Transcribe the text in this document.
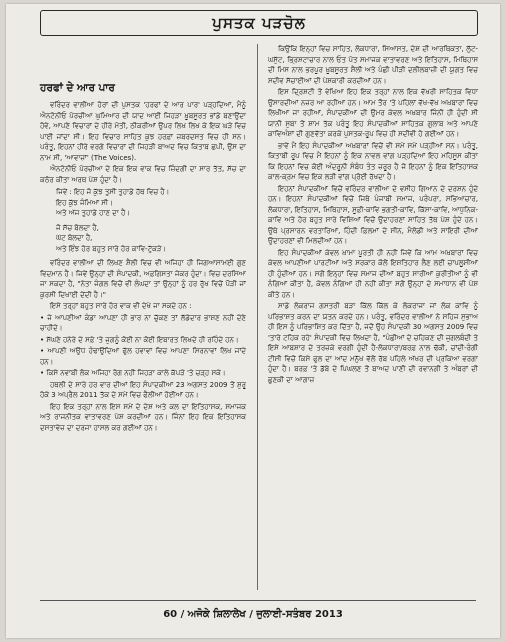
ਪੁਸਤਕ ਪੜਚੋਲ
ਹਰਫਾਂ ਦੇ ਆਰ ਪਾਰ

ਵਰਿੰਦਰ ਵਾਲੀਆ ਹੋਰਾਂ ਦੀ ਪੁਸਤਕ 'ਹਰਫਾਂ ਦੇ ਆਰ ਪਾਰ' ਪੜ੍ਹਦਿਆਂ, ਮੈਨੂੰ ਐਨਟੋਨੀਓ ਪੋਰਚੀਆ ਘੁਮਿਆਰ ਦੀ ਯਾਦ ਆਈ ਜਿਹੜਾ ਖ਼ੂਬਸੂਰਤ ਭਾਂਡੇ ਬਣਾਉਂਦਾ ਹੋਵੇ, ਆਪਣੇ ਵਿਚਾਰਾਂ ਦੇ ਹੀਰੇ ਮੋਤੀ, ਠੀਕਰੀਆਂ ਉਪਰ ਲਿਖ ਲਿਖ ਕੇ ਇਕ ਘੜੇ ਵਿਚ ਪਾਈ ਜਾਂਦਾ ਸੀ। ਇਹ ਵਿਚਾਰ ਸਾਹਿਤ ਕੁਝ ਹਰਫ਼ਾਂ ਜ਼ਬਰਦਸਤ ਵਿਚ ਹੀ ਸਨ। ਪਰੰਤੂ, ਇਹਨਾਂ ਹੀਰੇ ਵਰਗੇ ਵਿਚਾਰਾਂ ਦੀ ਜਿਹੜੀ ਬਾਅਦ ਵਿਚ ਕਿਤਾਬ ਛਪੀ, ਉਸ ਦਾ ਨਾਮ ਸੀ, 'ਆਵਾਜ਼ਾਂ' (The Voices).

ਐਨਟੋਨੀਓ ਪੋਰਚੀਆ ਦੇ ਇਕ ਇਕ ਵਾਕ ਵਿਚ ਜ਼ਿੰਦਗੀ ਦਾ ਸਾਰ ਤੱਤ, ਸੱਚ ਦਾ ਕਠੋਰ ਕੀਤਾ ਅਰਥ ਪੇਸ਼ ਹੁੰਦਾ ਹੈ।

ਜਿਵੇਂ : ਇਹ ਜੋ ਕੁੱਝ ਤੁਸੀਂ ਤੁਹਾਡੇ ਹੱਥ ਵਿਚ ਹੈ।
ਇਹ ਕੁੱਝ ਜੰਮਿਆਂ ਸੀ।
ਅਤੇ ਅੱਜ ਤੁਹਾਡੇ ਹਾਣ ਦਾ ਹੈ।
ਜੋ ਸੱਚ ਬੋਲਦਾ ਹੈ,
ਘੱਟ ਬੋਲਦਾ ਹੈ,
ਅਤੇ ਇੰਝ ਹੋਰ ਬਹੁਤ ਸਾਰੇ ਹੋਰ ਕਾਵਿ-ਟੁੱਕੜੇ।

ਵਰਿੰਦਰ ਵਾਲੀਆ ਦੀ ਲਿਖਣ ਸ਼ੈਲੀ ਵਿਚ ਵੀ ਅਜਿਹਾ ਹੀ ਜਿਗਆਸਾਮਈ ਗੁਣ ਵਿਦਮਾਨ ਹੈ। ਜਿਵੇਂ ਉਨ੍ਹਾਂ ਦੀ ਸੰਪਾਦਕੀ, ਅਫ਼ਗਿਸਤਾ ਜੇਕਰ ਹੁੰਦਾ। ਵਿਚ ਦਰਸਿਆ ਜਾ ਸਕਦਾ ਹੈ, "ਨੇਤਾ ਜੰਗਲ ਵਿਚੋਂ ਵੀ ਲੰਘਦਾ ਤਾਂ ਉਨ੍ਹਾਂ ਨੂੰ ਹਰ ਰੁੱਖ ਵਿਚੋਂ ਪੌੜੀ ਜਾਂ ਕੁਰਸੀ ਦਿਖਾਈ ਦੇਂਦੀ ਹੈ।"

ਇਸੇ ਤਰ੍ਹਾਂ ਬਹੁਤ ਸਾਰੇ ਹੋਰ ਵਾਕ ਵੀ ਦੇਖੇ ਜਾ ਸਕਦੇ ਹਨ :

• ਜੇ ਆਪਣੀਆਂ ਕੰਡਾ ਆਪਣਾ ਹੀ ਭਾਰ ਨਾ ਚੁੱਕਣ ਤਾਂ ਲੱਡੇਦਾਰ ਭਾਸ਼ਣ ਨਹੀਂ ਦੇਣੇ ਚਾਹੀਦੇ।
• ਸੱਘਣੇ ਹਨੇਰੇ ਦੇ ਸਫ਼ੇ 'ਤੇ ਜੁਗਨੂੰ ਕੋਈ ਨਾ ਕੋਈ ਇਬਾਰਤ ਲਿਖਦੇ ਹੀ ਰਹਿੰਦੇ ਹਨ।
• ਆਪਣੀ ਅਉਧ ਹੰਢਾਉਂਦਿਆਂ ਫੁੱਲ ਹਵਾਵਾਂ ਵਿਚ ਆਪਣਾ ਸਿਰਨਾਵਾਂ ਲਿਖ ਜਾਂਦੇ ਹਨ।
• ਕਿਸੇ ਨਵਾਬੀ ਲੋਕ ਅਜਿਹਾ ਰੋਗ ਨਹੀਂ ਜਿਹੜਾ ਕਾਲੇ ਕੱਪੜੇ 'ਤੇ ਚੜ੍ਹ ਸਕੇ।

ਹਥਲੀ ਦੇ ਸਾਰੇ ਹਰ ਵਾਰ ਦੀਆਂ ਇਹ ਸੰਪਾਦਕੀਆਂ 23 ਅਗਸਤ 2009 ਤੋਂ ਸ਼ੁਰੂ ਹੋਕੇ 3 ਅਪ੍ਰੈਲ 2011 ਤੱਕ ਦੇ ਸਮੇਂ ਵਿਚ ਫੈਲੀਆਂ ਹੋਈਆਂ ਹਨ।

ਇਹ ਇਕ ਤਰ੍ਹਾਂ ਨਾਲ ਇਸ ਸਮੇਂ ਦੇ ਦੇਸ਼ ਅਤੇ ਕਲ ਦਾ ਇਤਿਹਾਸਕ, ਸਮਾਜਕ ਅਤੇ ਰਾਜਨੀਤਕ ਵਾਤਾਵਰਣ ਪੇਸ਼ ਕਰਦੀਆਂ ਹਨ। ਜਿੰਨਾਂ ਇਹ ਇਕ ਇਤਿਹਾਸਕ ਦਸਤਾਵੇਜ਼ ਦਾ ਦਰਜਾ ਹਾਸਲ ਕਰ ਗਈਆਂ ਹਨ।

ਕਿਉਂਕਿ ਇਨ੍ਹਾਂ ਵਿਚ ਸਾਹਿਤ, ਲੋਕਧਾਰਾ, ਸਿਆਸਤ, ਦੇਸ਼ ਦੀ ਆਰਥਿਕਤਾ, ਲੁੱਟ-ਘਸੁੱਟ, ਭ੍ਰਿਸ਼ਟਾਚਾਰ ਨਾਲ ਓਤ ਪੋਤ ਸਮਾਜਕ ਵਾਤਾਵਰਣ ਅਤੇ ਇਤਿਹਾਸ, ਮਿਥਿਹਾਸ ਦੀ ਮਿਸ ਨਾਲ ਭਰਪੂਰ ਖ਼ੂਬਸੂਰਤ ਸ਼ੈਲੀ ਅਤੇ ਪੰਛੀ ਪੀੜੀ ਦਲੀਲਬਾਜ਼ੀ ਦੀ ਯੁਗਤ ਵਿਚ ਸਦੀਵ ਸੱਚਾਈਆਂ ਦੀ ਪੇਸ਼ਕਾਰੀ ਕਰਦੀਆਂ ਹਨ।

ਇਸ ਦ੍ਰਿਸ਼ਟੀ ਤੋਂ ਵੇਖਿਆ ਇਹ ਇਕ ਤਰ੍ਹਾਂ ਨਾਲ ਇਕ ਵੱਖਰੀ ਸਾਹਿਤਕ ਵਿਧਾ ਉਸਾਰਦੀਆਂ ਨਜ਼ਰ ਆ ਰਹੀਆਂ ਹਨ। ਆਮ ਤੌਰ 'ਤੇ ਪਹਿਲਾਂ ਵੱਖ-ਵੱਖ ਅਖ਼ਬਾਰਾਂ ਵਿਚ ਲਿਖੀਆਂ ਜਾ ਰਹੀਆਂ, ਸੰਪਾਦਕੀਆਂ ਦੀ ਉਮਰ ਕੇਵਲ ਅਖ਼ਬਾਰ ਜਿੰਨੀ ਹੀ ਹੁੰਦੀ ਸੀ ਯਾਨੀ ਸੁਬਾ ਤੋਂ ਸ਼ਾਮ ਤੱਕ ਪਰੰਤੂ ਇਹ ਸੰਪਾਦਕੀਆਂ ਸਾਹਿਤਕ ਗੁਲਾਬ ਅਤੇ ਆਪਣੇ ਕਾਵਿਅੰਸ਼ਾਂ ਦੀ ਗੁਣਵੱਤਾ ਕਰਕੇ ਪੁਸਤਕ-ਰੂਪ ਵਿਚ ਹੀ ਸਦੀਵੀ ਹੋ ਗਈਆਂ ਹਨ।

ਭਾਵੇਂ ਮੈਂ ਇਹ ਸੰਪਾਦਕੀਆਂ ਅਖ਼ਬਾਰਾਂ ਵਿਚੋਂ ਵੀ ਸਮੇਂ ਸਮੇਂ ਪੜ੍ਹੀਆਂ ਸਨ। ਪਰੰਤੂ, ਕਿਤਾਬੀ ਰੂਪ ਵਿਚ ਮੈਂ ਇਹਨਾਂ ਨੂੰ ਇਕ ਨਾਵਲ ਵਾਂਗ ਪੜ੍ਹਦਿਆਂ ਇਹ ਮਹਿਸੂਸ ਕੀਤਾ ਕਿ ਇਹਨਾਂ ਵਿਚ ਕੋਈ ਅੰਦਰੂਨੀ ਸੰਬੰਧ ਤੰਤ ਜ਼ਰੂਰ ਹੈ ਜੋ ਇਹਨਾਂ ਨੂੰ ਇਕ ਇਤਿਹਾਸਕ ਕਾਲ-ਕ੍ਰਮ ਵਿਚ ਇਕ ਲੜੀ ਵਾਂਗ ਪ੍ਰੋਈ ਰੱਖਦਾ ਹੈ।

ਇਹਨਾਂ ਸੰਪਾਦਕੀਆਂ ਵਿਚੋਂ ਵਰਿੰਦਰ ਵਾਲੀਆ ਦੇ ਵਸੀਹ ਗਿਆਨ ਦੇ ਦਰਸ਼ਨ ਹੁੰਦੇ ਹਨ। ਇਹਨਾਂ ਸੰਪਾਦਕੀਆਂ ਵਿਚੋਂ ਜਿਥੇ ਪੰਜਾਬੀ ਸਮਾਜ, ਪਰੰਪਰਾ, ਸਭਿਆਚਾਰ, ਲੋਕਧਾਰਾ, ਇਤਿਹਾਸ, ਮਿਥਿਹਾਸ, ਸੂਫ਼ੀ-ਕਾਵਿ ਭਗਤੀ-ਕਾਵਿ, ਕਿੱਸਾ-ਕਾਵਿ, ਆਧੁਨਿਕ-ਕਾਵਿ ਅਤੇ ਹੋਰ ਬਹੁਤ ਸਾਰੇ ਵਿਸ਼ਿਆਂ ਵਿਚੋਂ ਉਦਾਹਰਣਾਂ ਸਾਹਿਤ ਤੱਥ ਪੇਸ਼ ਹੁੰਦੇ ਹਨ। ਉਥੇ ਪ੍ਰਸਾਰਨ ਵਰਤਾਰਿਆਂ, ਹਿੰਦੀ ਫ਼ਿਲਮਾਂ ਦੇ ਸੀਨ, ਮੈਲੋਡੀ ਅਤੇ ਸਾਇਰੀ ਦੀਆਂ ਉਦਾਹਰਣਾਂ ਵੀ ਮਿਲਦੀਆਂ ਹਨ।

ਇਹ ਸੰਪਾਦਕੀਆਂ ਕੇਵਲ ਖ਼ਾਮਾ ਪੂਰਤੀ ਹੀ ਨਹੀਂ ਜਿਵੇਂ ਕਿ ਆਮ ਅਖ਼ਬਾਰਾਂ ਵਿਚ ਕੇਵਲ ਆਪਣੀਆਂ ਪਾਰਟੀਆਂ ਅਤੇ ਸਰਕਾਰ ਕੋਲੋਂ ਇਸ਼ਤਿਹਾਰ ਲੈਣ ਲਈ ਚਾਪਲੂਸੀਆਂ ਹੀ ਹੁੰਦੀਆਂ ਹਨ। ਸਗੋਂ ਇਨ੍ਹਾਂ ਵਿਚ ਸਮਾਜ ਦੀਆਂ ਬਹੁਤ ਸਾਰੀਆਂ ਕੁਰੀਤੀਆਂ ਨੂੰ ਵੀ ਨੰਗਿਆਂ ਕੀਤਾ ਹੈ, ਕੇਵਲ ਨੰਗਿਆਂ ਹੀ ਨਹੀਂ ਕੀਤਾ ਸਗੋਂ ਉਨ੍ਹਾਂ ਦੇ ਸਮਾਧਾਨ ਵੀ ਪੇਸ਼ ਕੀਤੇ ਹਨ।

ਸਾਡੇ ਲੋਕਰਾਜ ਗਸਤਰੀ ਬੜਾ ਕਿੱਲ ਕਿੱਲ ਕੇ ਲੋਕਰਾਜਾ ਜਾਂ ਲੋਕ ਕਾਵਿ ਨੂੰ ਪਰਿਭਾਸ਼ਤ ਕਰਨ ਦਾ ਯਤਨ ਕਰਦੇ ਹਨ। ਪਰੰਤੂ, ਵਰਿੰਦਰ ਵਾਲੀਆ ਨੇ ਸਹਿਜ ਸੁਭਾਅ ਹੀ ਇਸ ਨੂੰ ਪਰਿਭਾਸ਼ਿਤ ਕਰ ਦਿੱਤਾ ਹੈ, ਜਦੋਂ ਉਹ ਸੰਪਾਦਕੀ 30 ਅਗਸਤ 2009 ਵਿਚ 'ਤਾਰੇ ਟਹਿਕ ਰਹੇ' ਸੰਪਾਦਕੀ ਵਿਚ ਲਿਖਦਾ ਹੈ, "ਪੰਛੀਆਂ ਦੇ ਚਹਿਕਣ ਦੀ ਜੁਗਲਬੰਦੀ ਤੇ ਇਸੇ ਆਬਸ਼ਾਰ ਦੇ ਤਰਜ਼ਕੇ ਵਰਗੀ ਹੁੰਦੀ ਹੈ-ਲੋਕਧਾਰਾ/ਬਰਫ਼ ਨਾਲ ਢੱਕੀ, ਚਾਂਦੀ-ਰੰਗੀ ਟੀਸੀ ਵਿਚੋਂ ਕਿਸੇ ਫੁਲ ਦਾ ਆਂਦ ਮਨੁੱਖ ਵੱਲੋਂ ਰੱਬ ਪਹਿਲੇ ਅੱਖਰ ਦੀ ਪ੍ਰਕਿਆ ਵਰਗਾ ਹੁੰਦਾ ਹੈ। ਬਰਫ਼ 'ਤੇ ਡੱਬੇ ਦੇ ਪਿਘਲਣ ਤੋਂ ਬਾਅਦ ਪਾਣੀ ਦੀ ਰਵਾਨਗੀ ਤੇ ਅੰਬਰਾਂ ਦੀ ਛੁਣਕੀ ਦਾ ਆਗਾਜ਼

60 / ਅਜੋਕੇ ਸ਼ਿਲਾਲੇਖ / ਜੁਲਾਈ-ਸਤੰਬਰ 2013
